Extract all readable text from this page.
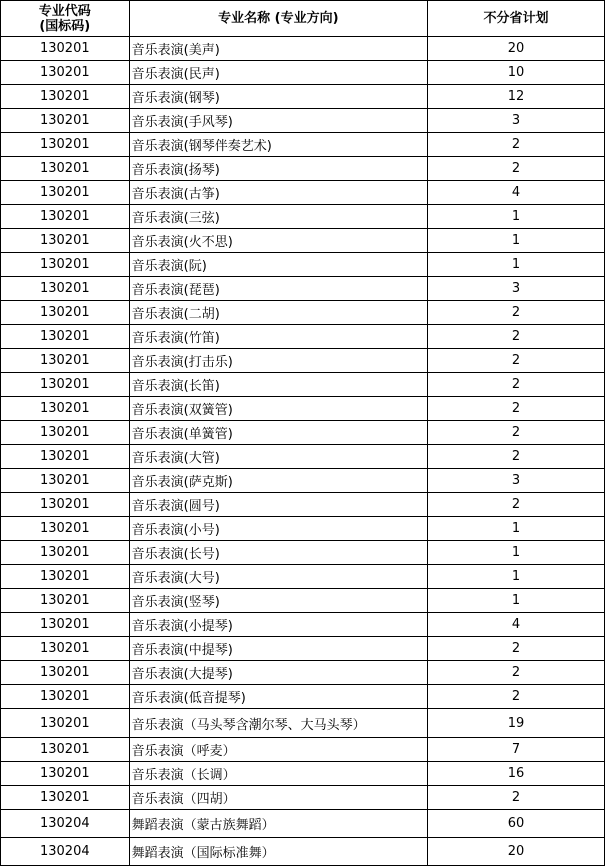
专业代码
(国标码)	专业名称 (专业方向)	不分省计划
130201	音乐表演(美声)	20
130201	音乐表演(民声)	10
130201	音乐表演(钢琴)	12
130201	音乐表演(手风琴)	3
130201	音乐表演(钢琴伴奏艺术)	2
130201	音乐表演(扬琴)	2
130201	音乐表演(古筝)	4
130201	音乐表演(三弦)	1
130201	音乐表演(火不思)	1
130201	音乐表演(阮)	1
130201	音乐表演(琵琶)	3
130201	音乐表演(二胡)	2
130201	音乐表演(竹笛)	2
130201	音乐表演(打击乐)	2
130201	音乐表演(长笛)	2
130201	音乐表演(双簧管)	2
130201	音乐表演(单簧管)	2
130201	音乐表演(大管)	2
130201	音乐表演(萨克斯)	3
130201	音乐表演(圆号)	2
130201	音乐表演(小号)	1
130201	音乐表演(长号)	1
130201	音乐表演(大号)	1
130201	音乐表演(竖琴)	1
130201	音乐表演(小提琴)	4
130201	音乐表演(中提琴)	2
130201	音乐表演(大提琴)	2
130201	音乐表演(低音提琴)	2
130201	音乐表演（马头琴含潮尔琴、大马头琴）	19
130201	音乐表演（呼麦）	7
130201	音乐表演（长调）	16
130201	音乐表演（四胡）	2
130204	舞蹈表演（蒙古族舞蹈）	60
130204	舞蹈表演（国际标准舞）	20
